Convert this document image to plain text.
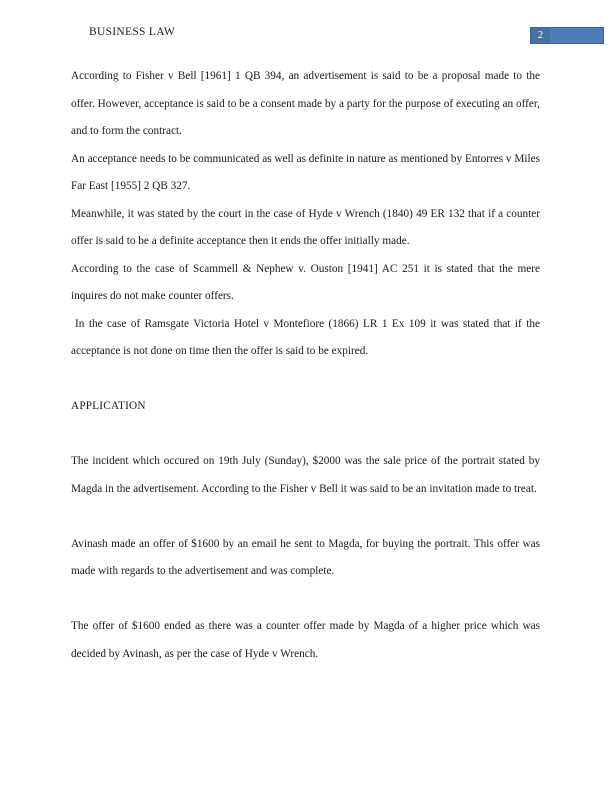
BUSINESS LAW	2

According to Fisher v Bell [1961] 1 QB 394, an advertisement is said to be a proposal made to the offer. However, acceptance is said to be a consent made by a party for the purpose of executing an offer, and to form the contract.

An acceptance needs to be communicated as well as definite in nature as mentioned by Entorres v Miles Far East [1955] 2 QB 327.

Meanwhile, it was stated by the court in the case of Hyde v Wrench (1840) 49 ER 132 that if a counter offer is said to be a definite acceptance then it ends the offer initially made.

According to the case of Scammell & Nephew v. Ouston [1941] AC 251 it is stated that the mere inquires do not make counter offers.

In the case of Ramsgate Victoria Hotel v Montefiore (1866) LR 1 Ex 109 it was stated that if the acceptance is not done on time then the offer is said to be expired.

APPLICATION

The incident which occured on 19th July (Sunday), $2000 was the sale price of the portrait stated by Magda in the advertisement. According to the Fisher v Bell it was said to be an invitation made to treat.

Avinash made an offer of $1600 by an email he sent to Magda, for buying the portrait. This offer was made with regards to the advertisement and was complete.

The offer of $1600 ended as there was a counter offer made by Magda of a higher price which was decided by Avinash, as per the case of Hyde v Wrench.
